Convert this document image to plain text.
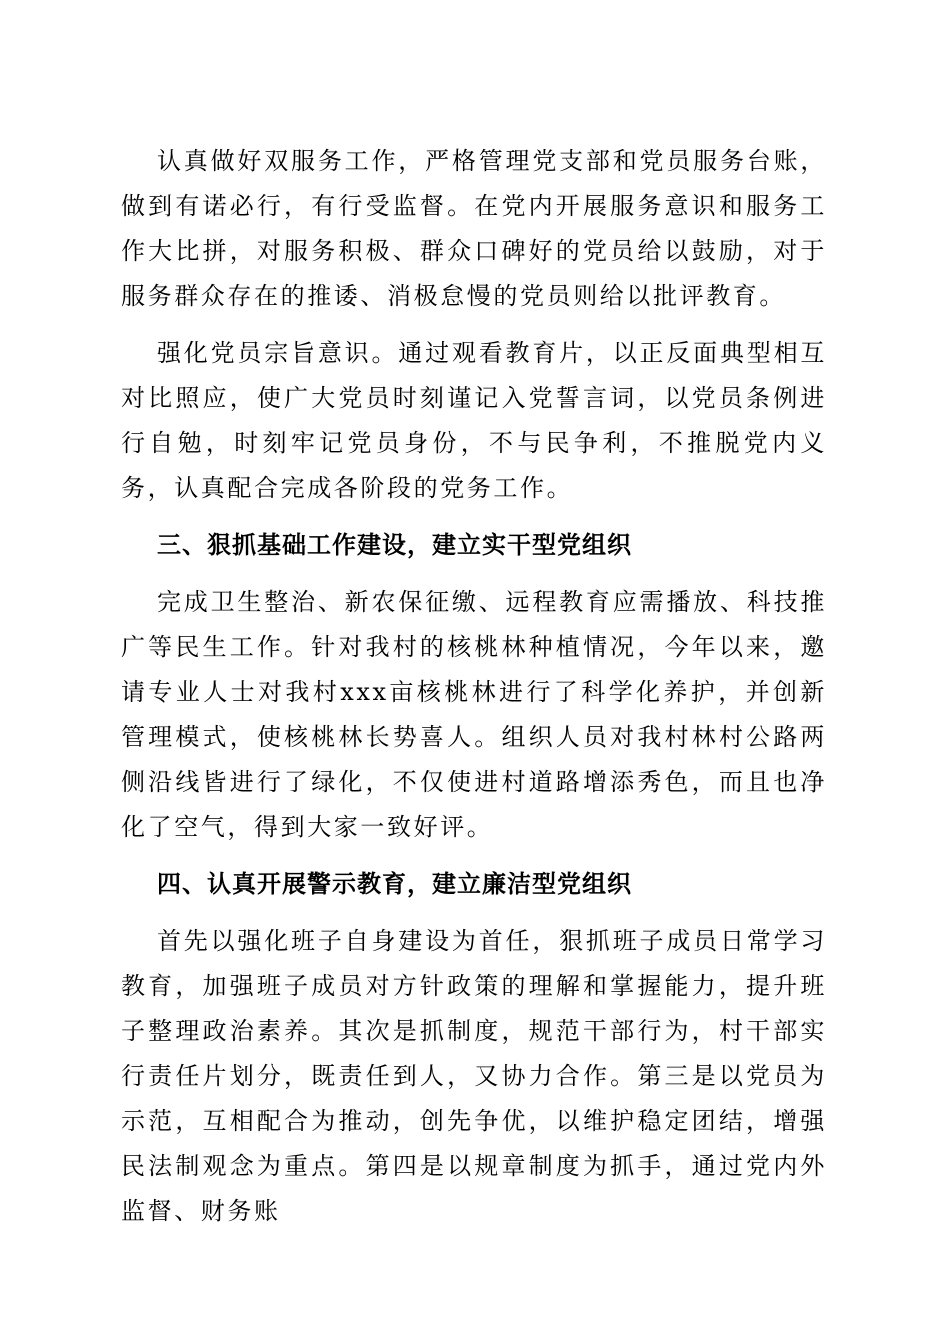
认真做好双服务工作，严格管理党支部和党员服务台账，做到有诺必行，有行受监督。在党内开展服务意识和服务工作大比拼，对服务积极、群众口碑好的党员给以鼓励，对于服务群众存在的推诿、消极怠慢的党员则给以批评教育。

强化党员宗旨意识。通过观看教育片，以正反面典型相互对比照应，使广大党员时刻谨记入党誓言词，以党员条例进行自勉，时刻牢记党员身份，不与民争利，不推脱党内义务，认真配合完成各阶段的党务工作。

三、狠抓基础工作建设，建立实干型党组织

完成卫生整治、新农保征缴、远程教育应需播放、科技推广等民生工作。针对我村的核桃林种植情况，今年以来，邀请专业人士对我村xxx亩核桃林进行了科学化养护，并创新管理模式，使核桃林长势喜人。组织人员对我村林村公路两侧沿线皆进行了绿化，不仅使进村道路增添秀色，而且也净化了空气，得到大家一致好评。

四、认真开展警示教育，建立廉洁型党组织

首先以强化班子自身建设为首任，狠抓班子成员日常学习教育，加强班子成员对方针政策的理解和掌握能力，提升班子整理政治素养。其次是抓制度，规范干部行为，村干部实行责任片划分，既责任到人，又协力合作。第三是以党员为示范，互相配合为推动，创先争优，以维护稳定团结，增强民法制观念为重点。第四是以规章制度为抓手，通过党内外监督、财务账
